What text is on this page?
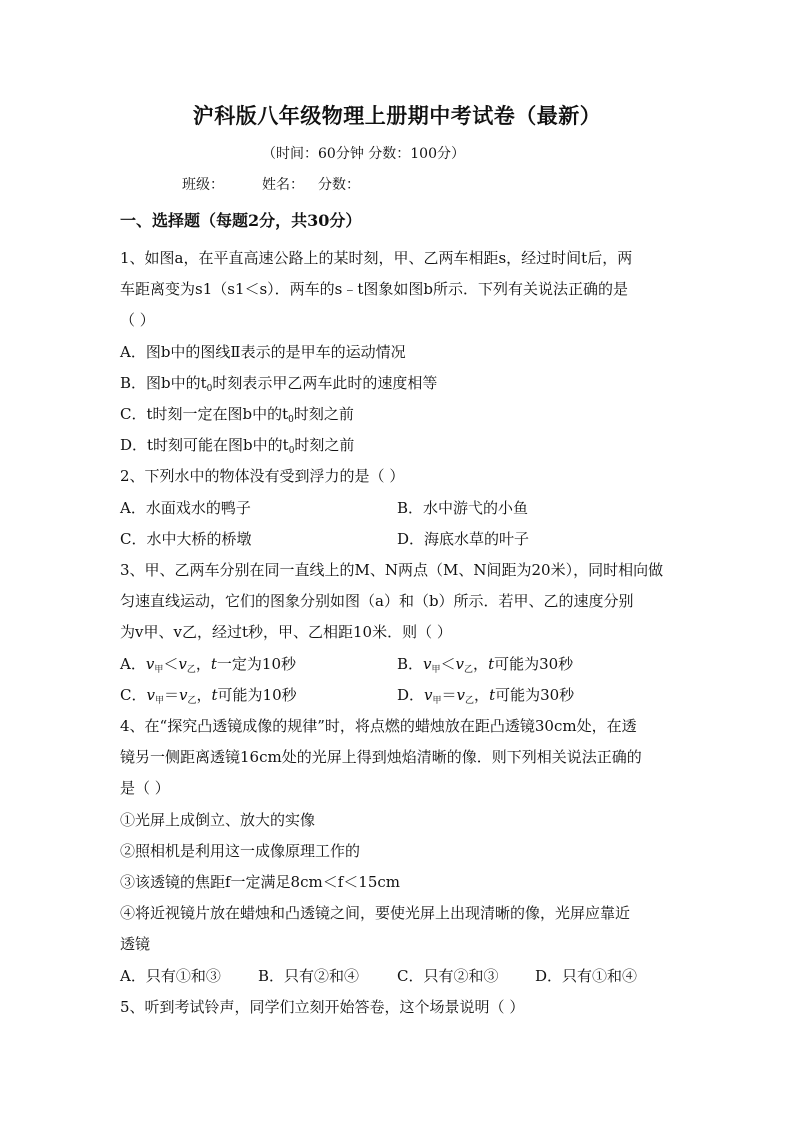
沪科版八年级物理上册期中考试卷（最新）
（时间：60分钟 分数：100分）
班级：	姓名： 分数：
一、选择题（每题2分，共30分）
1、如图a，在平直高速公路上的某时刻，甲、乙两车相距s，经过时间t后，两
车距离变为s1（s1＜s）．两车的s﹣t图象如图b所示．下列有关说法正确的是
（ ）
A．图b中的图线Ⅱ表示的是甲车的运动情况
B．图b中的$t_0$时刻表示甲乙两车此时的速度相等
C．t时刻一定在图b中的$t_0$时刻之前
D．t时刻可能在图b中的$t_0$时刻之前
2、下列水中的物体没有受到浮力的是（ ）
A．水面戏水的鸭子	B．水中游弋的小鱼
C．水中大桥的桥墩	D．海底水草的叶子
3、甲、乙两车分别在同一直线上的M、N两点（M、N间距为20米），同时相向做
匀速直线运动，它们的图象分别如图（a）和（b）所示．若甲、乙的速度分别
为v甲、v乙，经过t秒，甲、乙相距10米．则（ ）
A．$v_甲<v_乙$，t一定为10秒	B．$v_甲<v_乙$，t可能为30秒
C．$v_甲=v_乙$，t可能为10秒	D．$v_甲=v_乙$，t可能为30秒
4、在“探究凸透镜成像的规律”时，将点燃的蜡烛放在距凸透镜30cm处，在透
镜另一侧距离透镜16cm处的光屏上得到烛焰清晰的像．则下列相关说法正确的
是（ ）
①光屏上成倒立、放大的实像
②照相机是利用这一成像原理工作的
③该透镜的焦距f一定满足8cm＜f＜15cm
④将近视镜片放在蜡烛和凸透镜之间，要使光屏上出现清晰的像，光屏应靠近
透镜
A．只有①和③ B．只有②和④	C．只有②和③ D．只有①和④
5、听到考试铃声，同学们立刻开始答卷，这个场景说明（ ）
